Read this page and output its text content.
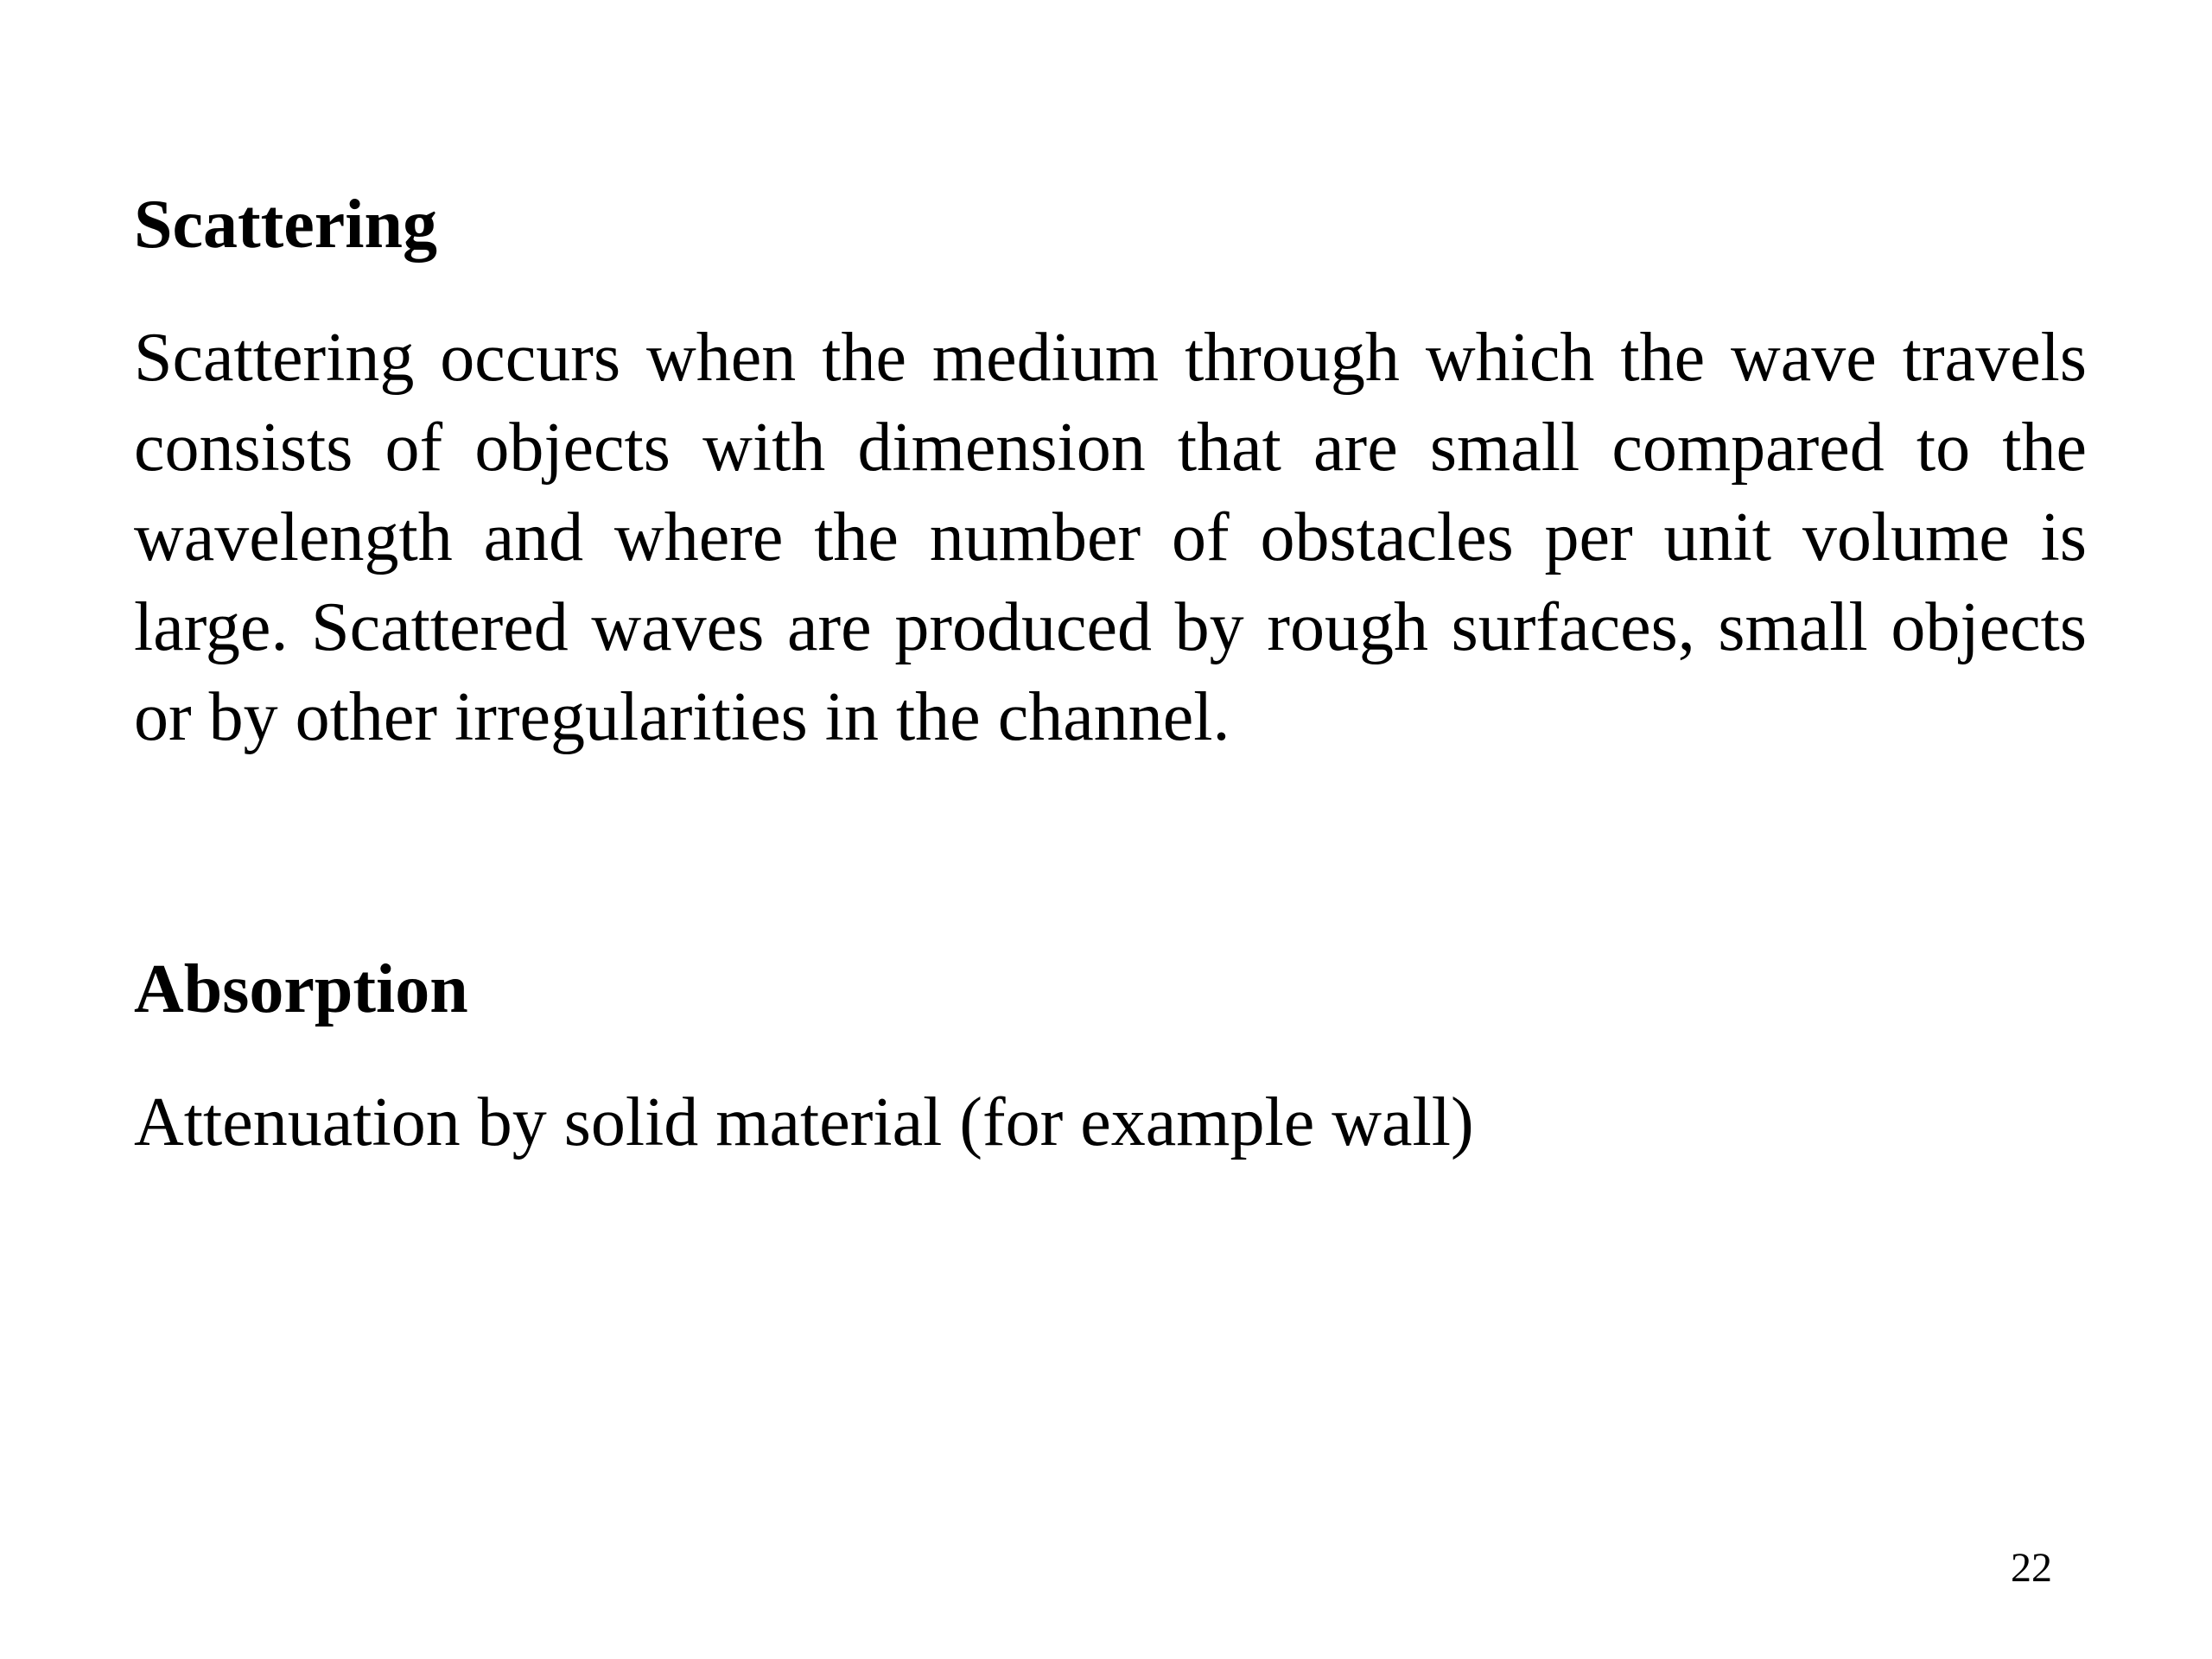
Scattering

Scattering occurs when the medium through which the wave travels consists of objects with dimension that are small compared to the wavelength and where the number of obstacles per unit volume is large. Scattered waves are produced by rough surfaces, small objects or by other irregularities in the channel.

Absorption

Attenuation by solid material (for example wall)

22
